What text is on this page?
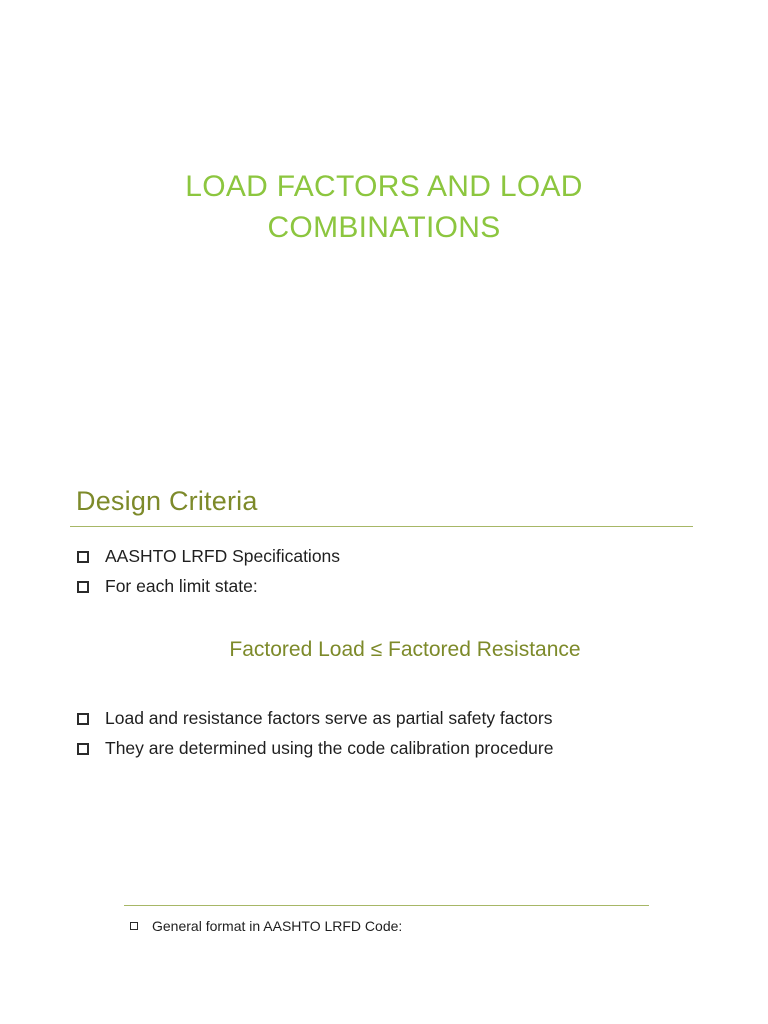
LOAD FACTORS AND LOAD
COMBINATIONS
Design Criteria
AASHTO LRFD Specifications
For each limit state:
Factored Load ≤ Factored Resistance
Load and resistance factors serve as partial safety factors
They are determined using the code calibration procedure
General format in AASHTO LRFD Code:
